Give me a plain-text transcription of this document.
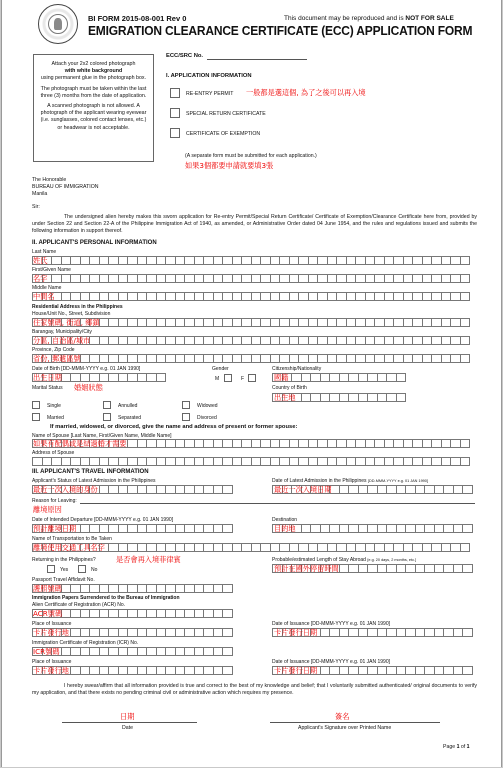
BI FORM 2015-08-001 Rev 0	This document may be reproduced and is NOT FOR SALE
EMIGRATION CLEARANCE CERTIFICATE (ECC) APPLICATION FORM

Attach your 2x2 colored photograph
with white background
using permanent glue in the photograph box.

The photograph must be taken within the last three (3) months from the date of application.

A scanned photograph is not allowed. A photograph of the applicant wearing eyewear (i.e. sunglasses, colored contact lenses, etc.) or headwear is not acceptable.

ECC/SRC No.
I. APPLICATION INFORMATION
RE-ENTRY PERMIT 一般都是選這個, 為了之後可以再入境
SPECIAL RETURN CERTIFICATE
CERTIFICATE OF EXEMPTION
(A separate form must be submitted for each application.)
如果3個都要申請就要填3張
The Honorable
BUREAU OF IMMIGRATION
Manila
Sir:
The undersigned alien hereby makes this sworn application for Re-entry Permit/Special Return Certificate/ Certificate of Exemption/Clearance Certificate here from, provided by under Section 22 and Section 22-A of the Philippine Immigration Act of 1940, as amended, or Administrative Order dated 04 June 1954, and the rules and regulations issued and submits the following information in support thereof.
II. APPLICANT'S PERSONAL INFORMATION
Last Name
姓氏
First/Given Name
名字
Middle Name
中間名
Residential Address in the Philippines
House/Unit No., Street, Subdivision
住家號碼, 街道, 鄉鎮
Barangay, Municipality/City
分區, 自治區/城市
Province, Zip Code
省份, 郵遞區號
Date of Birth [DD-MMM-YYYY e.g. 01 JAN 1990]
出生日期
Gender
M	F
Citizenship/Nationality
國籍
Marital Status 婚姻狀態	Country of Birth
出生地
Single	Annulled	Widowed
Married	Separated	Divorced
If married, widowed, or divorced, give the name and address of present or former spouse:
Name of Spouse [Last Name, First/Given Name, Middle Name]
如果有配偶或是結過婚才需要
Address of Spouse
III. APPLICANT'S TRAVEL INFORMATION
Applicant's Status of Latest Admission in the Philippines
最近一次入境的身份
Date of Latest Admission in the Philippines [DD-MMM-YYYY e.g. 01 JAN 1990]
最近一次入境日期
Reason for Leaving:
離境原因
Date of Intended Departure [DD-MMM-YYYY e.g. 01 JAN 1990]
預計離境日期
Destination
目的地
Name of Transportation to Be Taken
離境使用交通工具名字
Returning in the Philippines?	是否會再入境菲律賓
Yes	No
Probable/estimated Length of Stay Abroad [e.g. 20 days, 2 months, etc.]
預計在國外停留時間
Passport Travel Affidavit No.
護照號碼
Immigration Papers Surrendered to the Bureau of Immigration
Alien Certificate of Registration (ACR) No.
ACR號碼
Place of Issuance
卡片發行地
Date of Issuance [DD-MMM-YYYY e.g. 01 JAN 1990]
卡片發行日期
Immigration Certificate of Registration (ICR) No.
ICR號碼
Place of Issuance
卡片發行地
Date of Issuance [DD-MMM-YYYY e.g. 01 JAN 1990]
卡片發行日期
I hereby swear/affirm that all information provided is true and correct to the best of my knowledge and belief; that I voluntarily submitted authenticated/ original documents to verify my application, and that there exists no pending criminal civil or administrative action which requires my presence.
日期
Date
簽名
Applicant's Signature over Printed Name
Page 1 of 1
